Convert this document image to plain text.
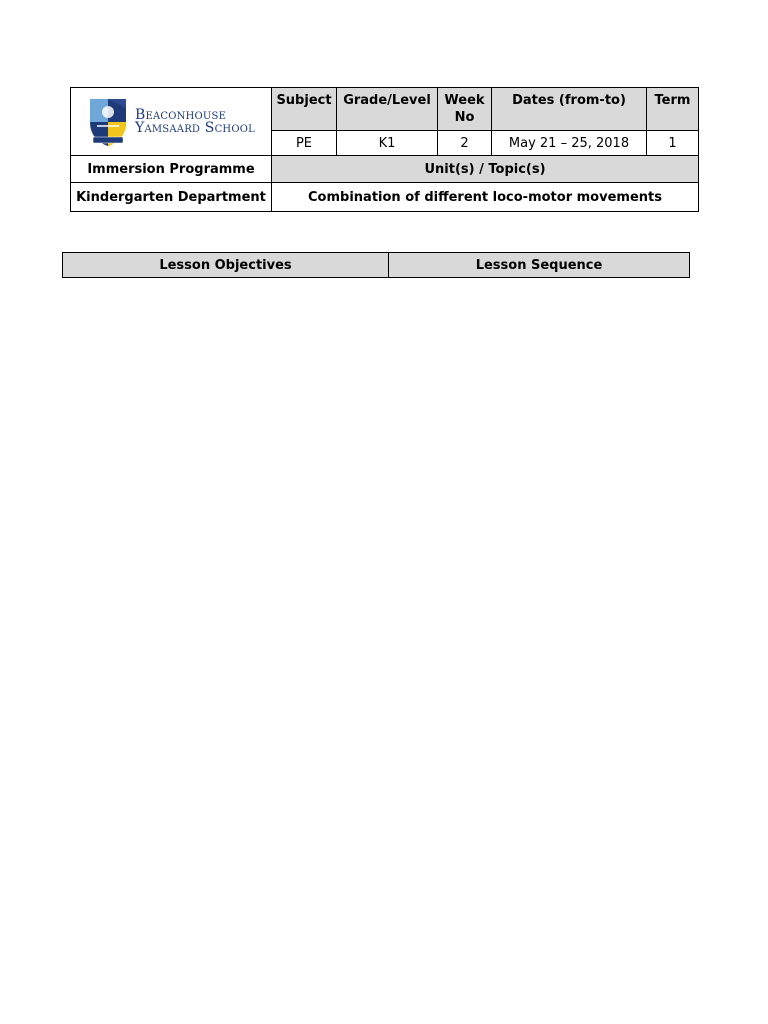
Beaconhouse
Yamsaard School	Subject	Grade/Level	Week No	Dates (from-to)	Term
	PE	K1	2	May 21 – 25, 2018	1
Immersion Programme	Unit(s) / Topic(s)				
Kindergarten Department	Combination of different loco-motor movements				
Lesson Objectives	Lesson Sequence
